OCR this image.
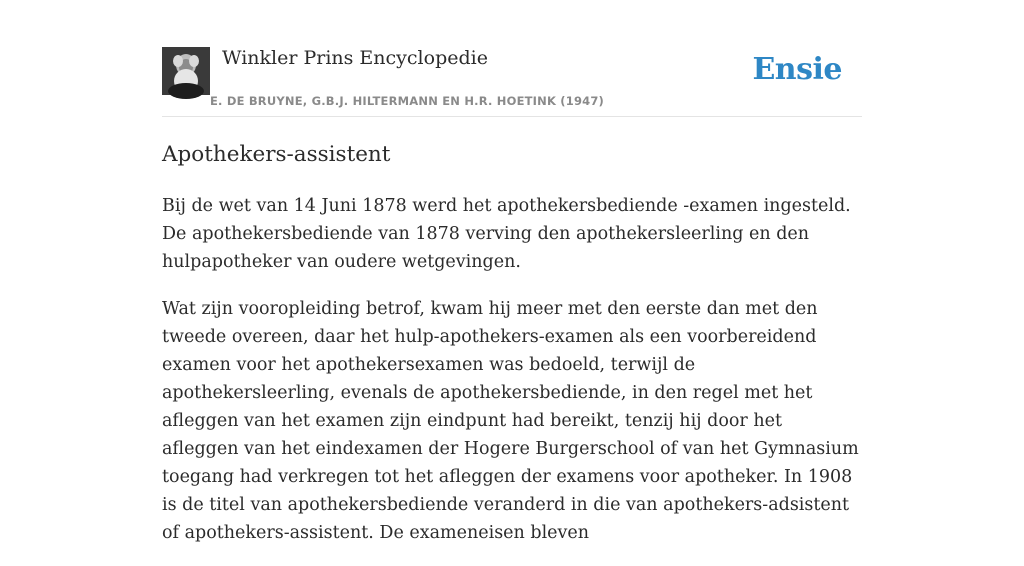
Winkler Prins Encyclopedie
E. DE BRUYNE, G.B.J. HILTERMANN EN H.R. HOETINK (1947)
Ensie
Apothekers-assistent

Bij de wet van 14 Juni 1878 werd het apothekersbediende -examen ingesteld. De apothekersbediende van 1878 verving den apothekersleerling en den hulpapotheker van oudere wetgevingen.

Wat zijn vooropleiding betrof, kwam hij meer met den eerste dan met den tweede overeen, daar het hulp-apothekers-examen als een voorbereidend examen voor het apothekersexamen was bedoeld, terwijl de apothekersleerling, evenals de apothekersbediende, in den regel met het afleggen van het examen zijn eindpunt had bereikt, tenzij hij door het afleggen van het eindexamen der Hogere Burgerschool of van het Gymnasium toegang had verkregen tot het afleggen der examens voor apotheker. In 1908 is de titel van apothekersbediende veranderd in die van apothekers-adsistent of apothekers-assistent. De exameneisen bleven
